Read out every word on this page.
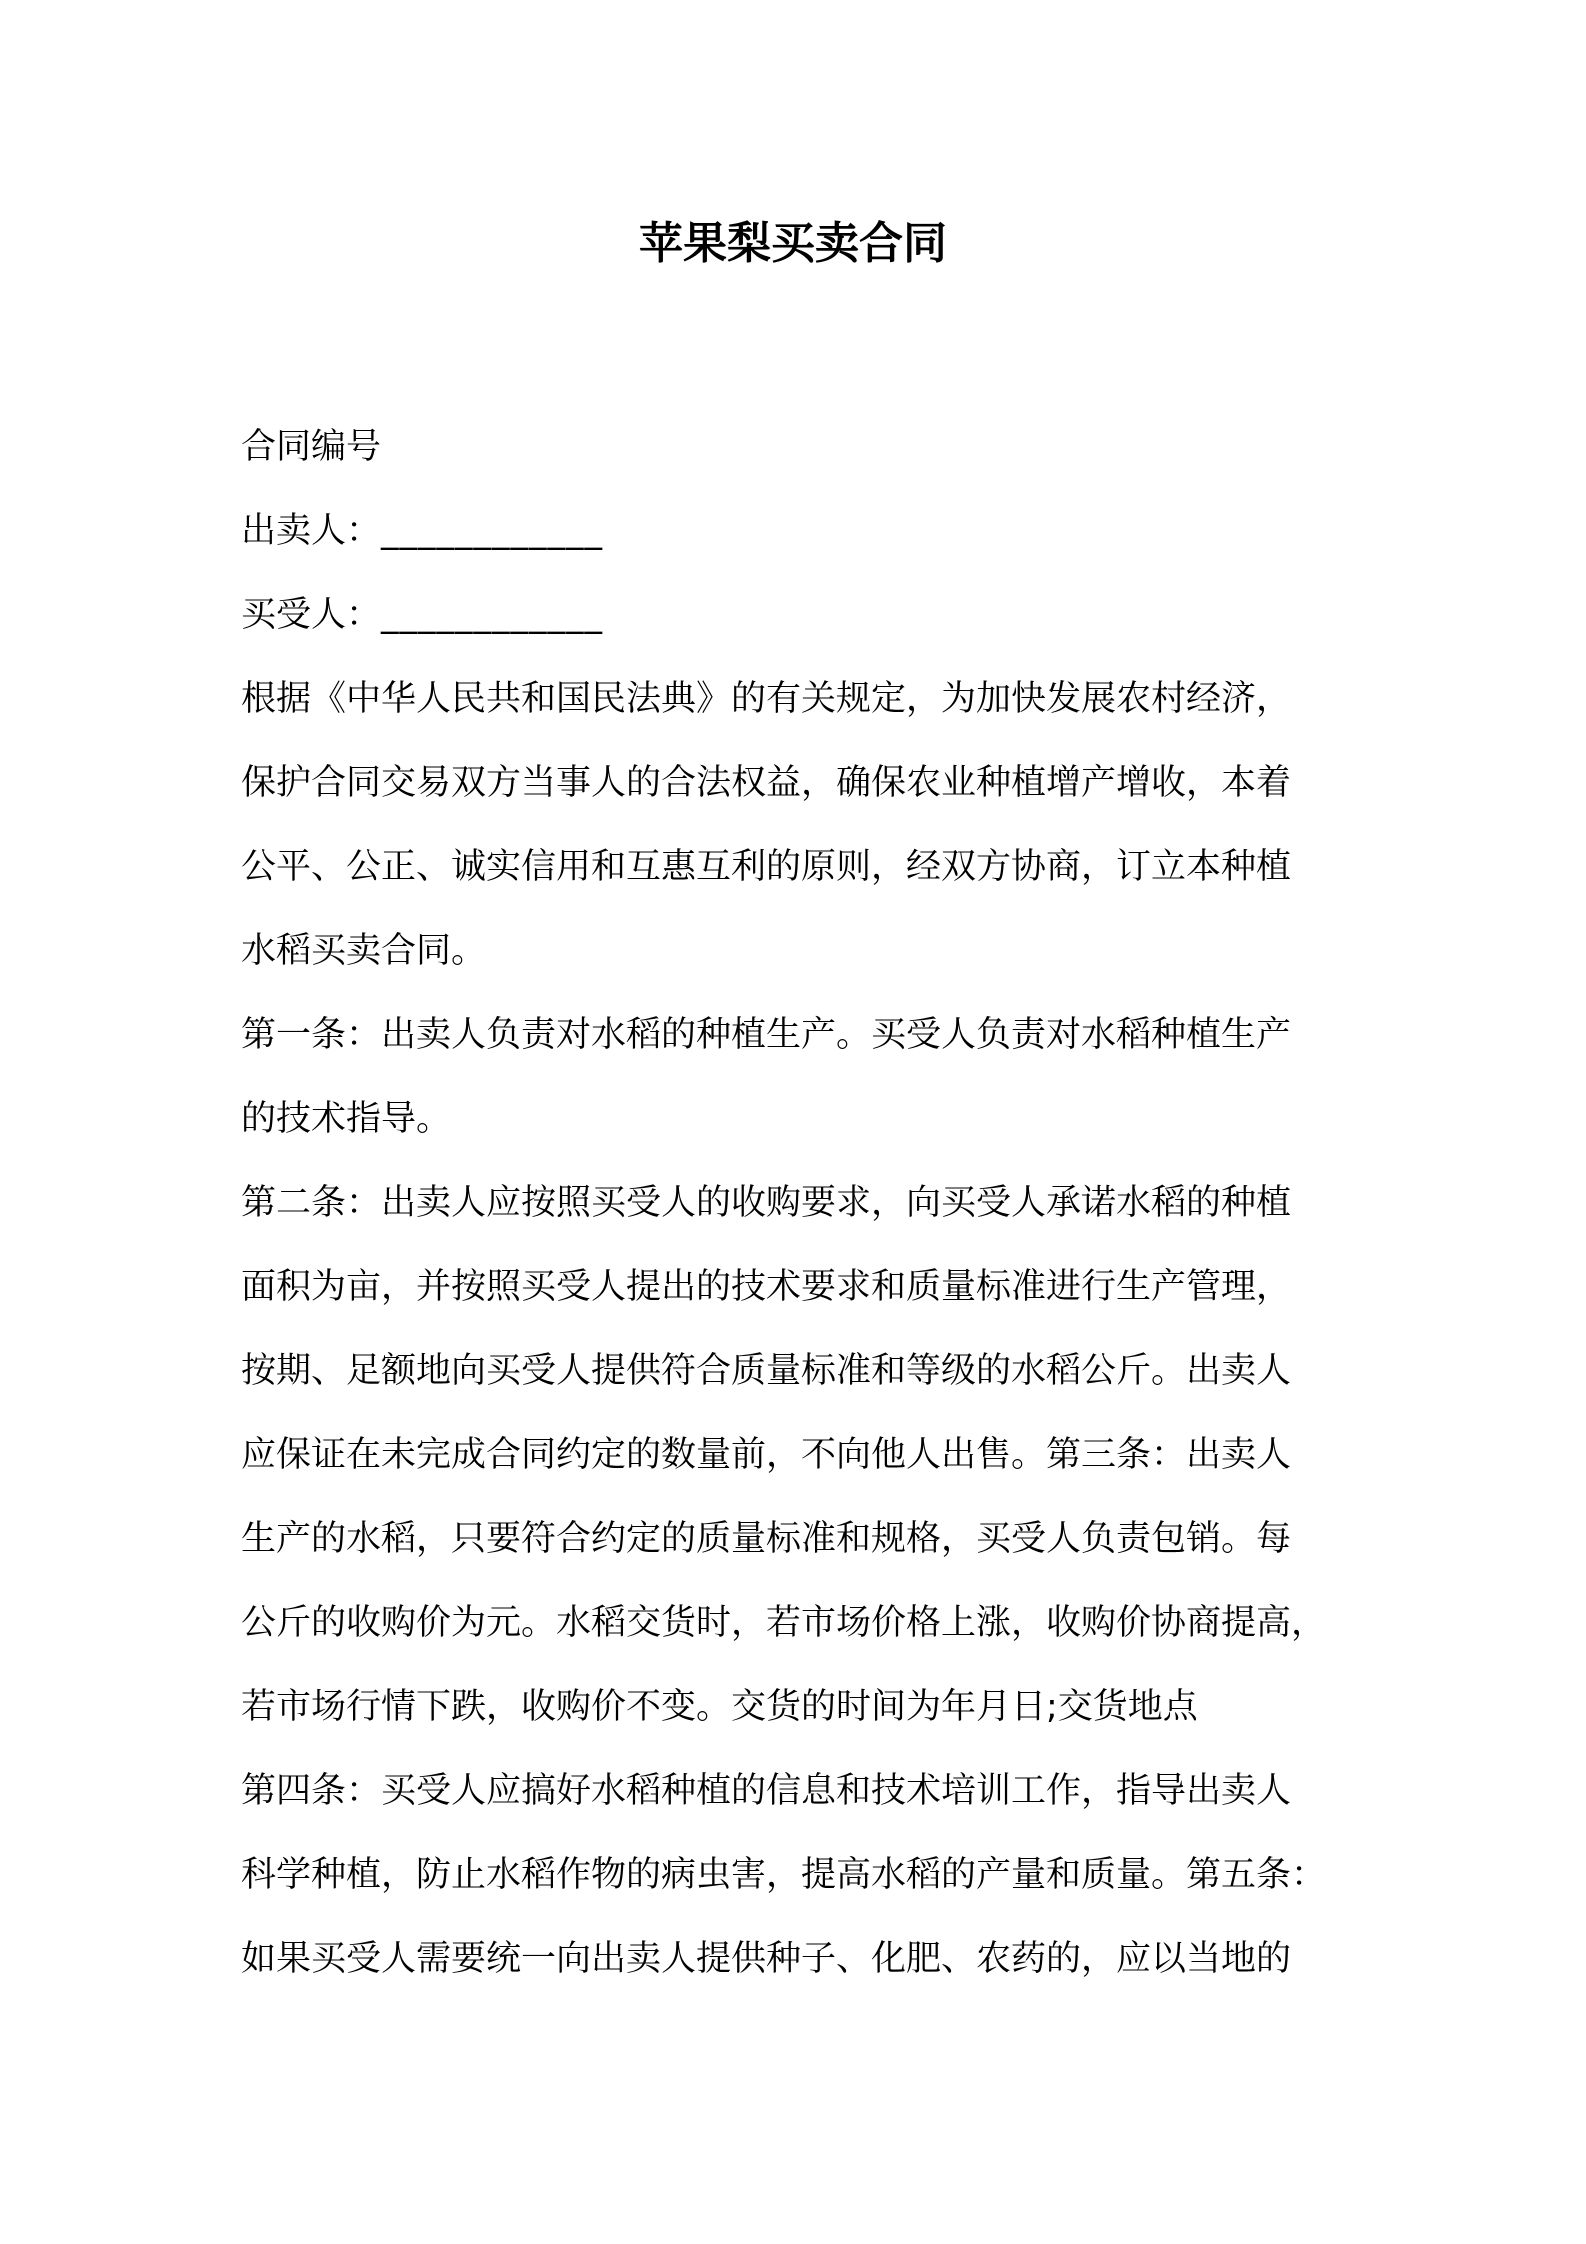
苹果梨买卖合同
合同编号
出卖人：____________
买受人：____________
根据《中华人民共和国民法典》的有关规定，为加快发展农村经济，
保护合同交易双方当事人的合法权益，确保农业种植增产增收，本着
公平、公正、诚实信用和互惠互利的原则，经双方协商，订立本种植
水稻买卖合同。
第一条：出卖人负责对水稻的种植生产。买受人负责对水稻种植生产
的技术指导。
第二条：出卖人应按照买受人的收购要求，向买受人承诺水稻的种植
面积为亩，并按照买受人提出的技术要求和质量标准进行生产管理，
按期、足额地向买受人提供符合质量标准和等级的水稻公斤。出卖人
应保证在未完成合同约定的数量前，不向他人出售。第三条：出卖人
生产的水稻，只要符合约定的质量标准和规格，买受人负责包销。每
公斤的收购价为元。水稻交货时，若市场价格上涨，收购价协商提高，
若市场行情下跌，收购价不变。交货的时间为年月日;交货地点
第四条：买受人应搞好水稻种植的信息和技术培训工作，指导出卖人
科学种植，防止水稻作物的病虫害，提高水稻的产量和质量。第五条：
如果买受人需要统一向出卖人提供种子、化肥、农药的，应以当地的
